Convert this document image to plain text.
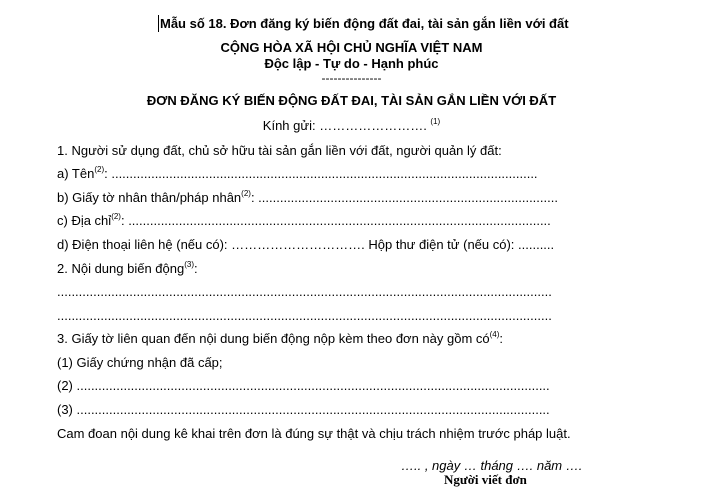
Mẫu số 18. Đơn đăng ký biến động đất đai, tài sản gắn liền với đất
CỘNG HÒA XÃ HỘI CHỦ NGHĨA VIỆT NAM
Độc lập - Tự do - Hạnh phúc
---------------
ĐƠN ĐĂNG KÝ BIẾN ĐỘNG ĐẤT ĐAI, TÀI SẢN GẮN LIỀN VỚI ĐẤT
Kính gửi: ……………………. $^{(1)}$
1. Người sử dụng đất, chủ sở hữu tài sản gắn liền với đất, người quản lý đất:
a) Tên$^{(2)}$: ......................................................................................................................
b) Giấy tờ nhân thân/pháp nhân$^{(2)}$: ...................................................................................
c) Địa chỉ$^{(2)}$: .....................................................................................................................
d) Điện thoại liên hệ (nếu có): …………………………. Hộp thư điện tử (nếu có): ..........
2. Nội dung biến động$^{(3)}$:
.........................................................................................................................................
.........................................................................................................................................
3. Giấy tờ liên quan đến nội dung biến động nộp kèm theo đơn này gồm $có^{(4)}$:
(1) Giấy chứng nhận đã cấp;
(2) ...................................................................................................................................
(3) ...................................................................................................................................
Cam đoan nội dung kê khai trên đơn là đúng sự thật và chịu trách nhiệm trước pháp luật.
….. , ngày … tháng …. năm ….
Người viết đơn
